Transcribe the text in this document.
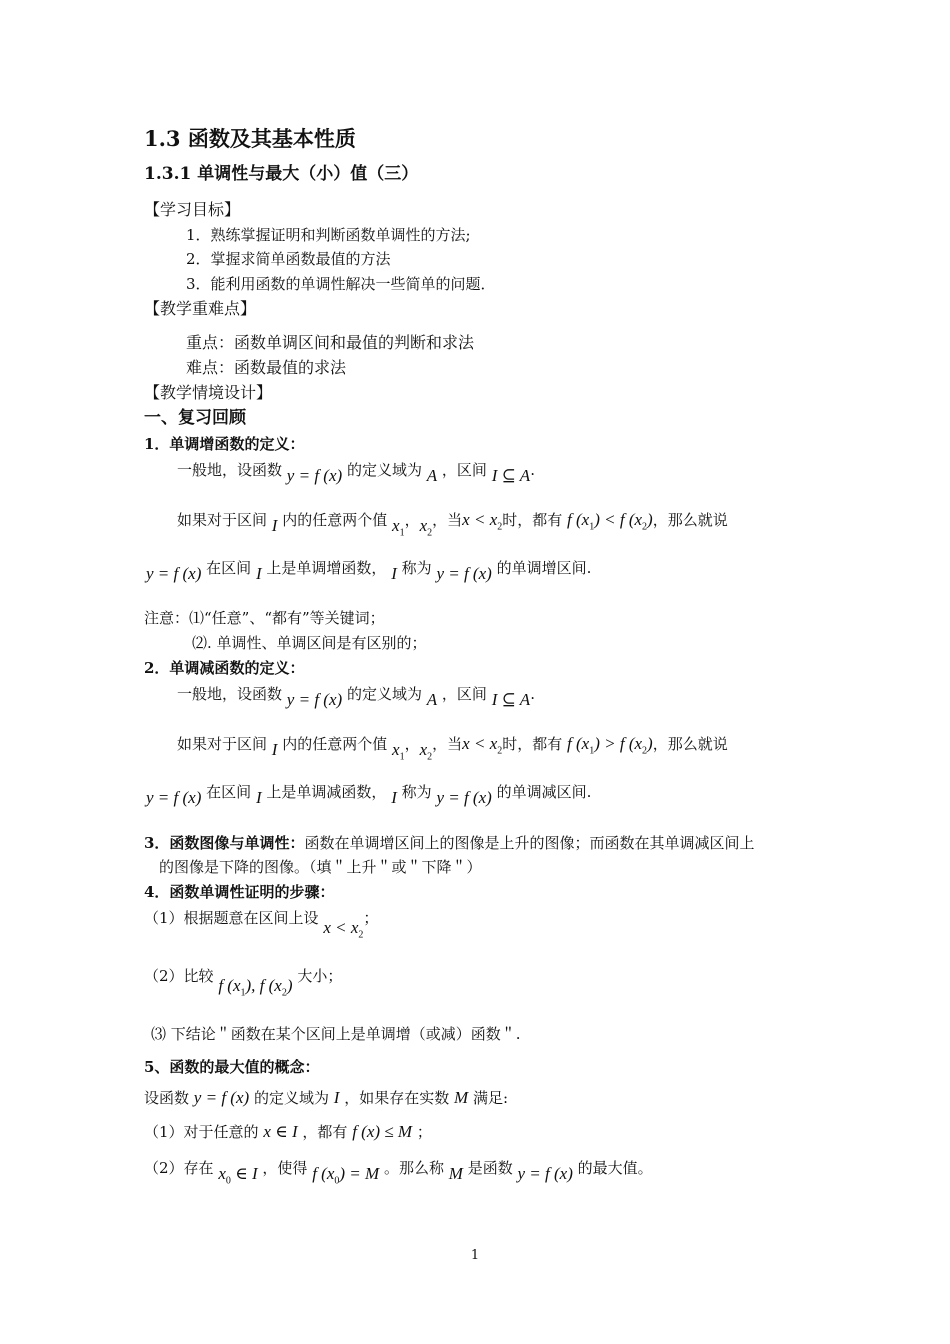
1.3 函数及其基本性质
1.3.1 单调性与最大（小）值（三）
【学习目标】
1．熟练掌握证明和判断函数单调性的方法;
2．掌握求简单函数最值的方法
3．能利用函数的单调性解决一些简单的问题．
【教学重难点】
重点：函数单调区间和最值的判断和求法
难点：函数最值的求法
【教学情境设计】
一、复习回顾
1．单调增函数的定义：
一般地，设函数 y = f (x) 的定义域为 A ，区间 I ⊆ A.
如果对于区间 I 内的任意两个值 $x_1$，$x_2$，当$x < x_2$时，都有 f $(x_1) < f$ $(x_2)$，那么就说
y = f (x) 在区间 I 上是单调增函数， I 称为 y = f (x) 的单调增区间.
注意：⑴“任意”、“都有”等关键词；
⑵. 单调性、单调区间是有区别的；
2．单调减函数的定义：
一般地，设函数 y = f (x) 的定义域为 A ，区间 I ⊆ A.
如果对于区间 I 内的任意两个值 $x_1$，$x_2$，当$x < x_2$时，都有 f $(x_1) > f$ $(x_2)$，那么就说
y = f (x) 在区间 I 上是单调减函数， I 称为 y = f (x) 的单调减区间.
3．函数图像与单调性：函数在单调增区间上的图像是上升的图像；而函数在其单调减区间上
的图像是下降的图像。（填＂上升＂或＂下降＂）
4．函数单调性证明的步骤：
（1）根据题意在区间上设 $x < x_2$；
（2）比较 f $(x_1)$, f $(x_2)$ 大小；
⑶ 下结论＂函数在某个区间上是单调增（或减）函数＂.
5、函数的最大值的概念：
设函数 y = f (x) 的定义域为 I ，如果存在实数 M 满足:
（1）对于任意的 x ∈ I ，都有 f (x) ≤ M ；
（2）存在 $x_0$ ∈ I ，使得 f $(x_0) = M$ 。那么称 M 是函数 y = f (x) 的最大值。
1
